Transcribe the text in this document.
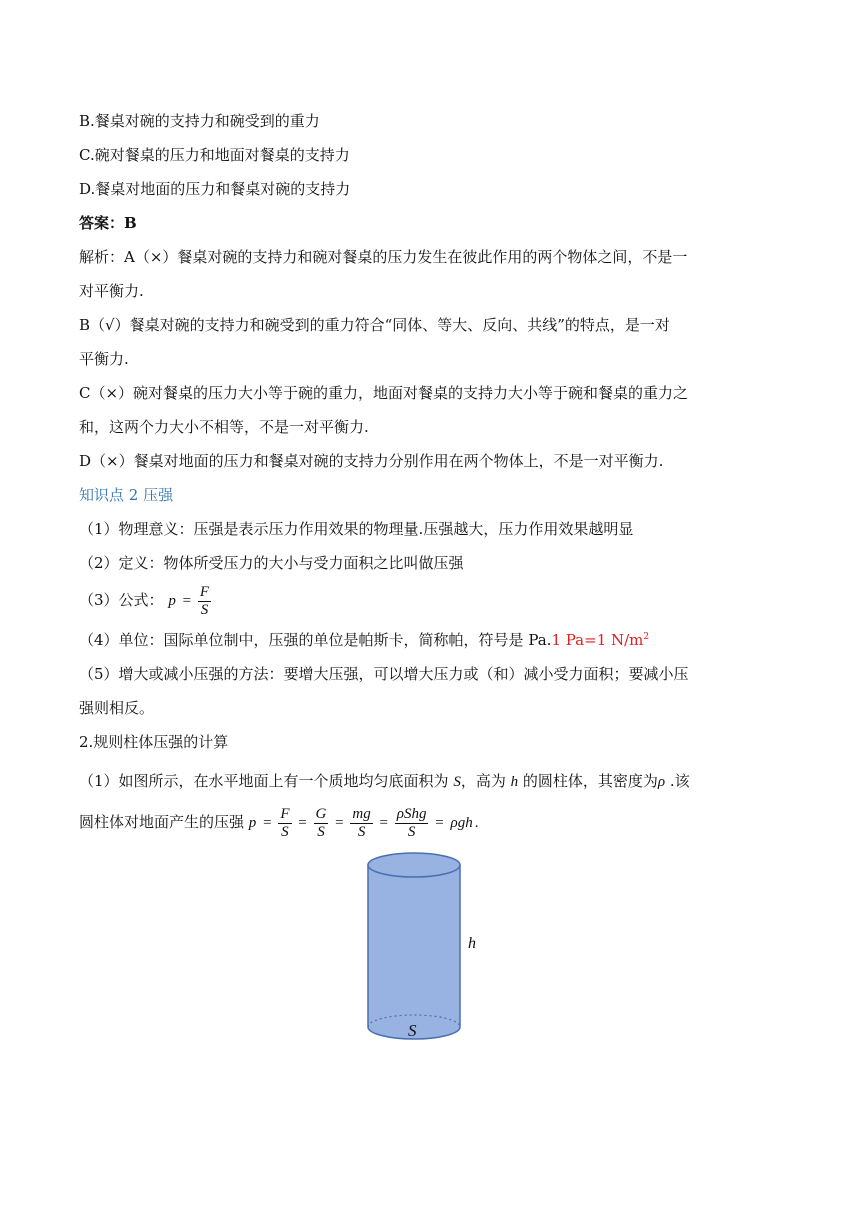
B.餐桌对碗的支持力和碗受到的重力
C.碗对餐桌的压力和地面对餐桌的支持力
D.餐桌对地面的压力和餐桌对碗的支持力
答案：B
解析：A（×）餐桌对碗的支持力和碗对餐桌的压力发生在彼此作用的两个物体之间，不是一
对平衡力.
B（√）餐桌对碗的支持力和碗受到的重力符合“同体、等大、反向、共线”的特点，是一对
平衡力.
C（×）碗对餐桌的压力大小等于碗的重力，地面对餐桌的支持力大小等于碗和餐桌的重力之
和，这两个力大小不相等，不是一对平衡力.
D（×）餐桌对地面的压力和餐桌对碗的支持力分别作用在两个物体上，不是一对平衡力.
知识点 2 压强
（1）物理意义：压强是表示压力作用效果的物理量.压强越大，压力作用效果越明显
（2）定义：物体所受压力的大小与受力面积之比叫做压强
（3）公式： $p = \frac{F}{S}$
（4）单位：国际单位制中，压强的单位是帕斯卡，简称帕，符号是 Pa.1 Pa=1 $N/m^2$
（5）增大或减小压强的方法：要增大压强，可以增大压力或（和）减小受力面积；要减小压
强则相反。
2.规则柱体压强的计算
（1）如图所示，在水平地面上有一个质地均匀底面积为 S，高为 h 的圆柱体，其密度为ρ .该
圆柱体对地面产生的压强 $p = \frac{F}{S} = \frac{G}{S} = \frac{mg}{S} = \frac{\text{ρShg}}{S} = \rho gh$ .
S
h
